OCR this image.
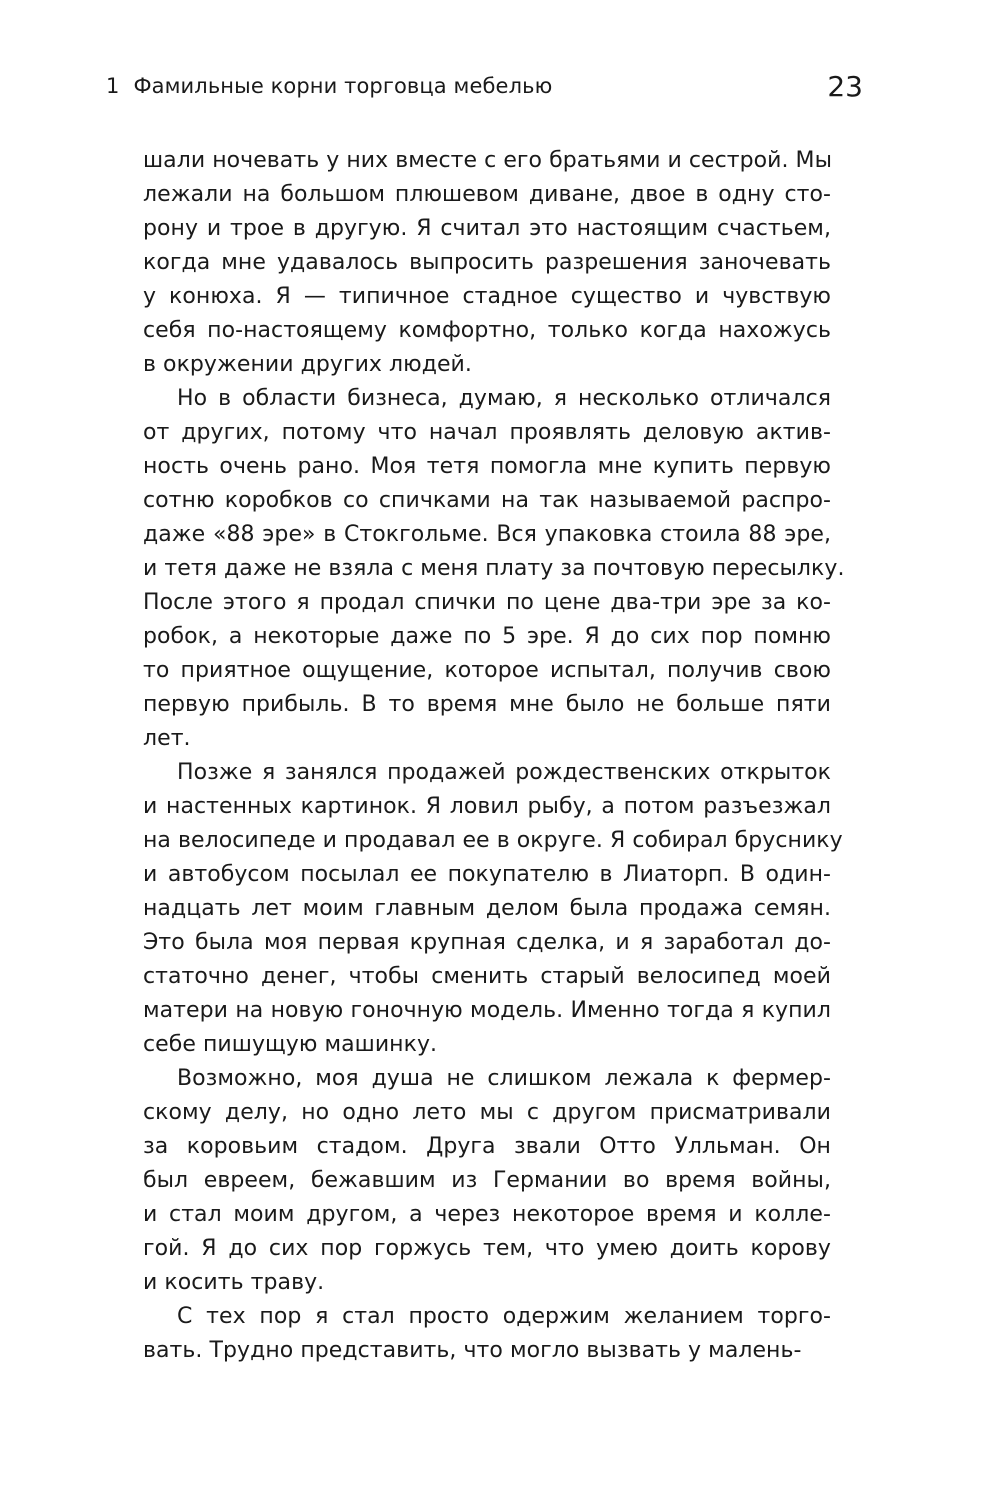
1 Фамильные корни торговца мебелью	23
шали ночевать у них вместе с его братьями и сестрой. Мы
лежали на большом плюшевом диване, двое в одну сто-
рону и трое в другую. Я считал это настоящим счастьем,
когда мне удавалось выпросить разрешения заночевать
у конюха. Я — типичное стадное существо и чувствую
себя по-настоящему комфортно, только когда нахожусь
в окружении других людей.
Но в области бизнеса, думаю, я несколько отличался
от других, потому что начал проявлять деловую актив-
ность очень рано. Моя тетя помогла мне купить первую
сотню коробков со спичками на так называемой распро-
даже «88 эре» в Стокгольме. Вся упаковка стоила 88 эре,
и тетя даже не взяла с меня плату за почтовую пересылку.
После этого я продал спички по цене два-три эре за ко-
робок, а некоторые даже по 5 эре. Я до сих пор помню
то приятное ощущение, которое испытал, получив свою
первую прибыль. В то время мне было не больше пяти
лет.
Позже я занялся продажей рождественских открыток
и настенных картинок. Я ловил рыбу, а потом разъезжал
на велосипеде и продавал ее в округе. Я собирал бруснику
и автобусом посылал ее покупателю в Лиаторп. В один-
надцать лет моим главным делом была продажа семян.
Это была моя первая крупная сделка, и я заработал до-
статочно денег, чтобы сменить старый велосипед моей
матери на новую гоночную модель. Именно тогда я купил
себе пишущую машинку.
Возможно, моя душа не слишком лежала к фермер-
скому делу, но одно лето мы с другом присматривали
за коровьим стадом. Друга звали Отто Улльман. Он
был евреем, бежавшим из Германии во время войны,
и стал моим другом, а через некоторое время и колле-
гой. Я до сих пор горжусь тем, что умею доить корову
и косить траву.
С тех пор я стал просто одержим желанием торго-
вать. Трудно представить, что могло вызвать у малень-
